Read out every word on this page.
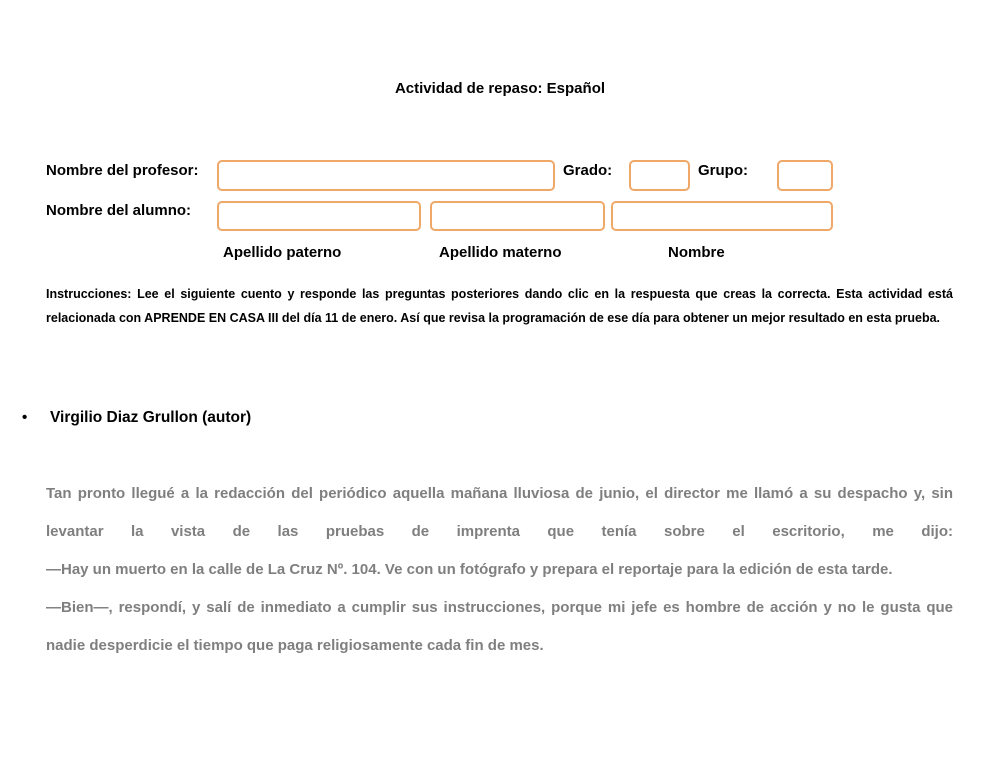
Actividad de repaso: Español
Nombre del profesor:	Grado:	Grupo:
Nombre del alumno:
Apellido paterno	Apellido materno	Nombre

Instrucciones: Lee el siguiente cuento y responde las preguntas posteriores dando clic en la respuesta que creas la correcta. Esta actividad está relacionada con APRENDE EN CASA III del día 11 de enero. Así que revisa la programación de ese día para obtener un mejor resultado en esta prueba.

• Virgilio Diaz Grullon (autor)

Tan pronto llegué a la redacción del periódico aquella mañana lluviosa de junio, el director me llamó a su despacho y, sin levantar la vista de las pruebas de imprenta que tenía sobre el escritorio, me dijo:

—Hay un muerto en la calle de La Cruz Nº. 104. Ve con un fotógrafo y prepara el reportaje para la edición de esta tarde.

—Bien—, respondí, y salí de inmediato a cumplir sus instrucciones, porque mi jefe es hombre de acción y no le gusta que nadie desperdicie el tiempo que paga religiosamente cada fin de mes.
